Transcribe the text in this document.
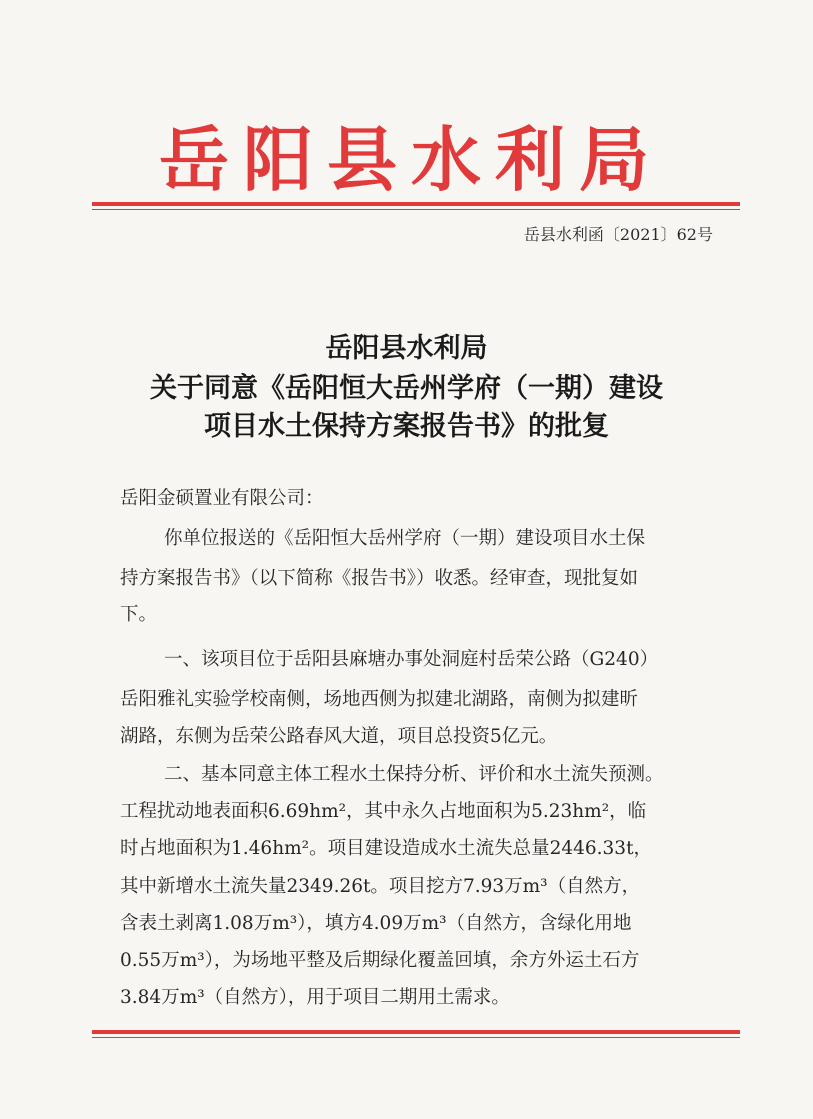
岳阳县水利局
岳县水利函〔2021〕62号
岳阳县水利局
关于同意《岳阳恒大岳州学府（一期）建设
项目水土保持方案报告书》的批复
岳阳金硕置业有限公司：
你单位报送的《岳阳恒大岳州学府（一期）建设项目水土保
持方案报告书》（以下简称《报告书》）收悉。经审查，现批复如
下。
一、该项目位于岳阳县麻塘办事处洞庭村岳荣公路（G240）
岳阳雅礼实验学校南侧，场地西侧为拟建北湖路，南侧为拟建昕
湖路，东侧为岳荣公路春风大道，项目总投资5亿元。
二、基本同意主体工程水土保持分析、评价和水土流失预测。
工程扰动地表面积6.69hm²，其中永久占地面积为5.23hm²，临
时占地面积为1.46hm²。项目建设造成水土流失总量2446.33t，
其中新增水土流失量2349.26t。项目挖方7.93万m³（自然方，
含表土剥离1.08万m³），填方4.09万m³（自然方，含绿化用地
0.55万m³），为场地平整及后期绿化覆盖回填，余方外运土石方
3.84万m³（自然方），用于项目二期用土需求。
